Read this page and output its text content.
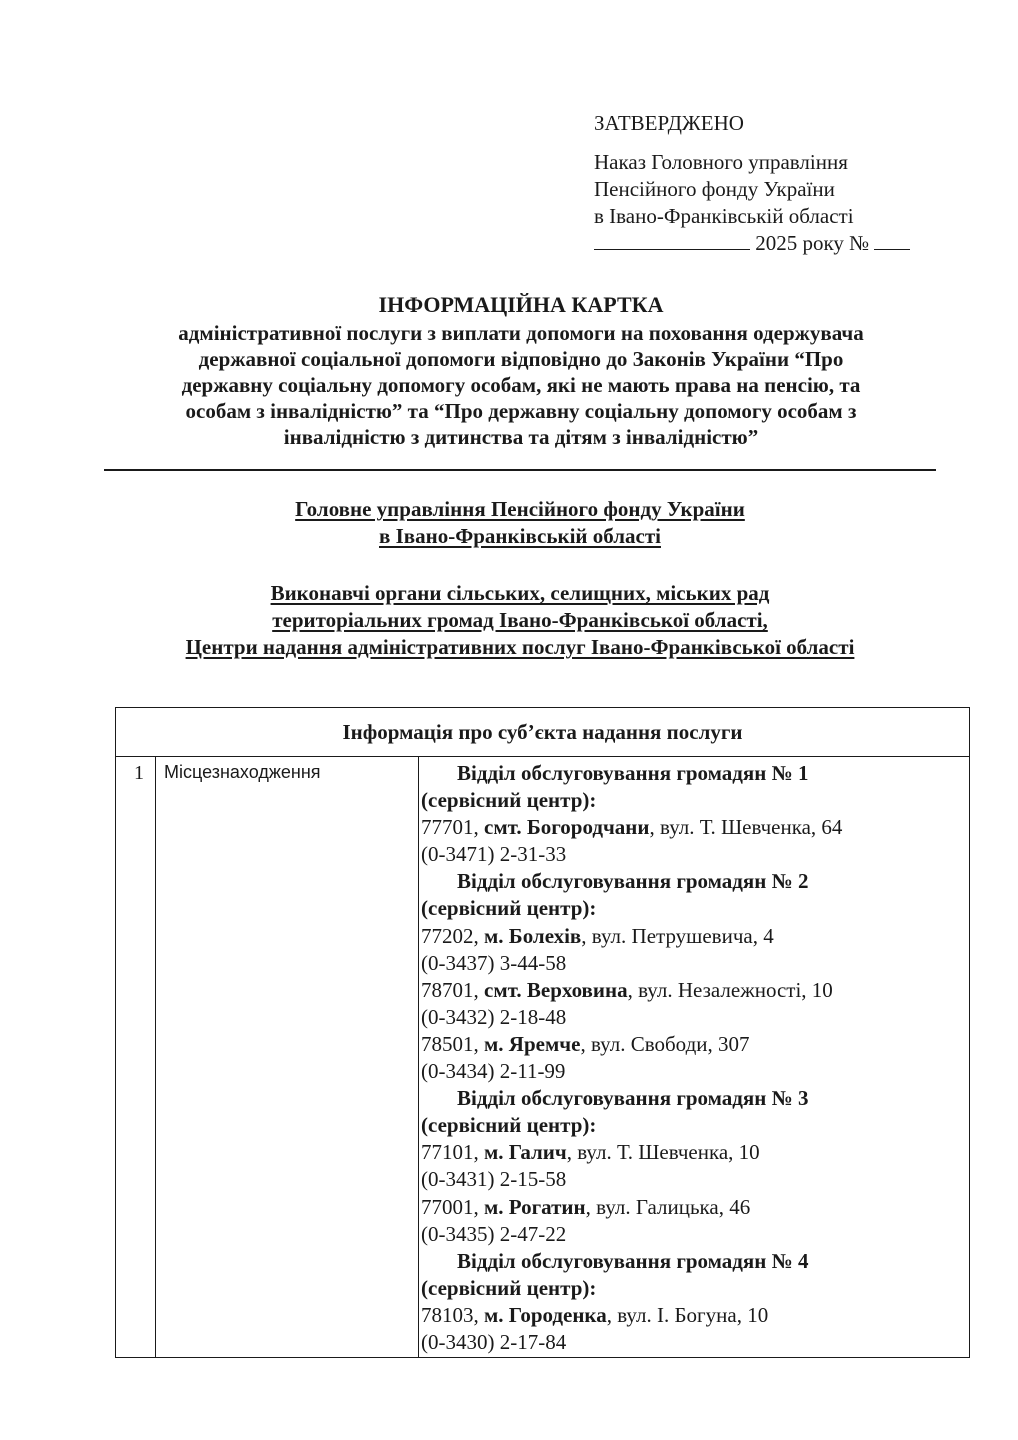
ЗАТВЕРДЖЕНО
Наказ Головного управління
Пенсійного фонду України
в Івано-Франківській області
2025 року №
ІНФОРМАЦІЙНА КАРТКА
адміністративної послуги з виплати допомоги на поховання одержувача
державної соціальної допомоги відповідно до Законів України “Про
державну соціальну допомогу особам, які не мають права на пенсію, та
особам з інвалідністю” та “Про державну соціальну допомогу особам з
інвалідністю з дитинства та дітям з інвалідністю”
Головне управління Пенсійного фонду України
в Івано-Франківській області
Виконавчі органи сільських, селищних, міських рад
територіальних громад Івано-Франківської області,
Центри надання адміністративних послуг Івано-Франківської області
Інформація про суб’єкта надання послуги
1 Місцезнаходження	Відділ обслуговування громадян № 1
(сервісний центр):
77701, смт. Богородчани, вул. Т. Шевченка, 64
(0-3471) 2-31-33
Відділ обслуговування громадян № 2
(сервісний центр):
77202, м. Болехів, вул. Петрушевича, 4
(0-3437) 3-44-58
78701, смт. Верховина, вул. Незалежності, 10
(0-3432) 2-18-48
78501, м. Яремче, вул. Свободи, 307
(0-3434) 2-11-99
Відділ обслуговування громадян № 3
(сервісний центр):
77101, м. Галич, вул. Т. Шевченка, 10
(0-3431) 2-15-58
77001, м. Рогатин, вул. Галицька, 46
(0-3435) 2-47-22
Відділ обслуговування громадян № 4
(сервісний центр):
78103, м. Городенка, вул. І. Богуна, 10
(0-3430) 2-17-84
